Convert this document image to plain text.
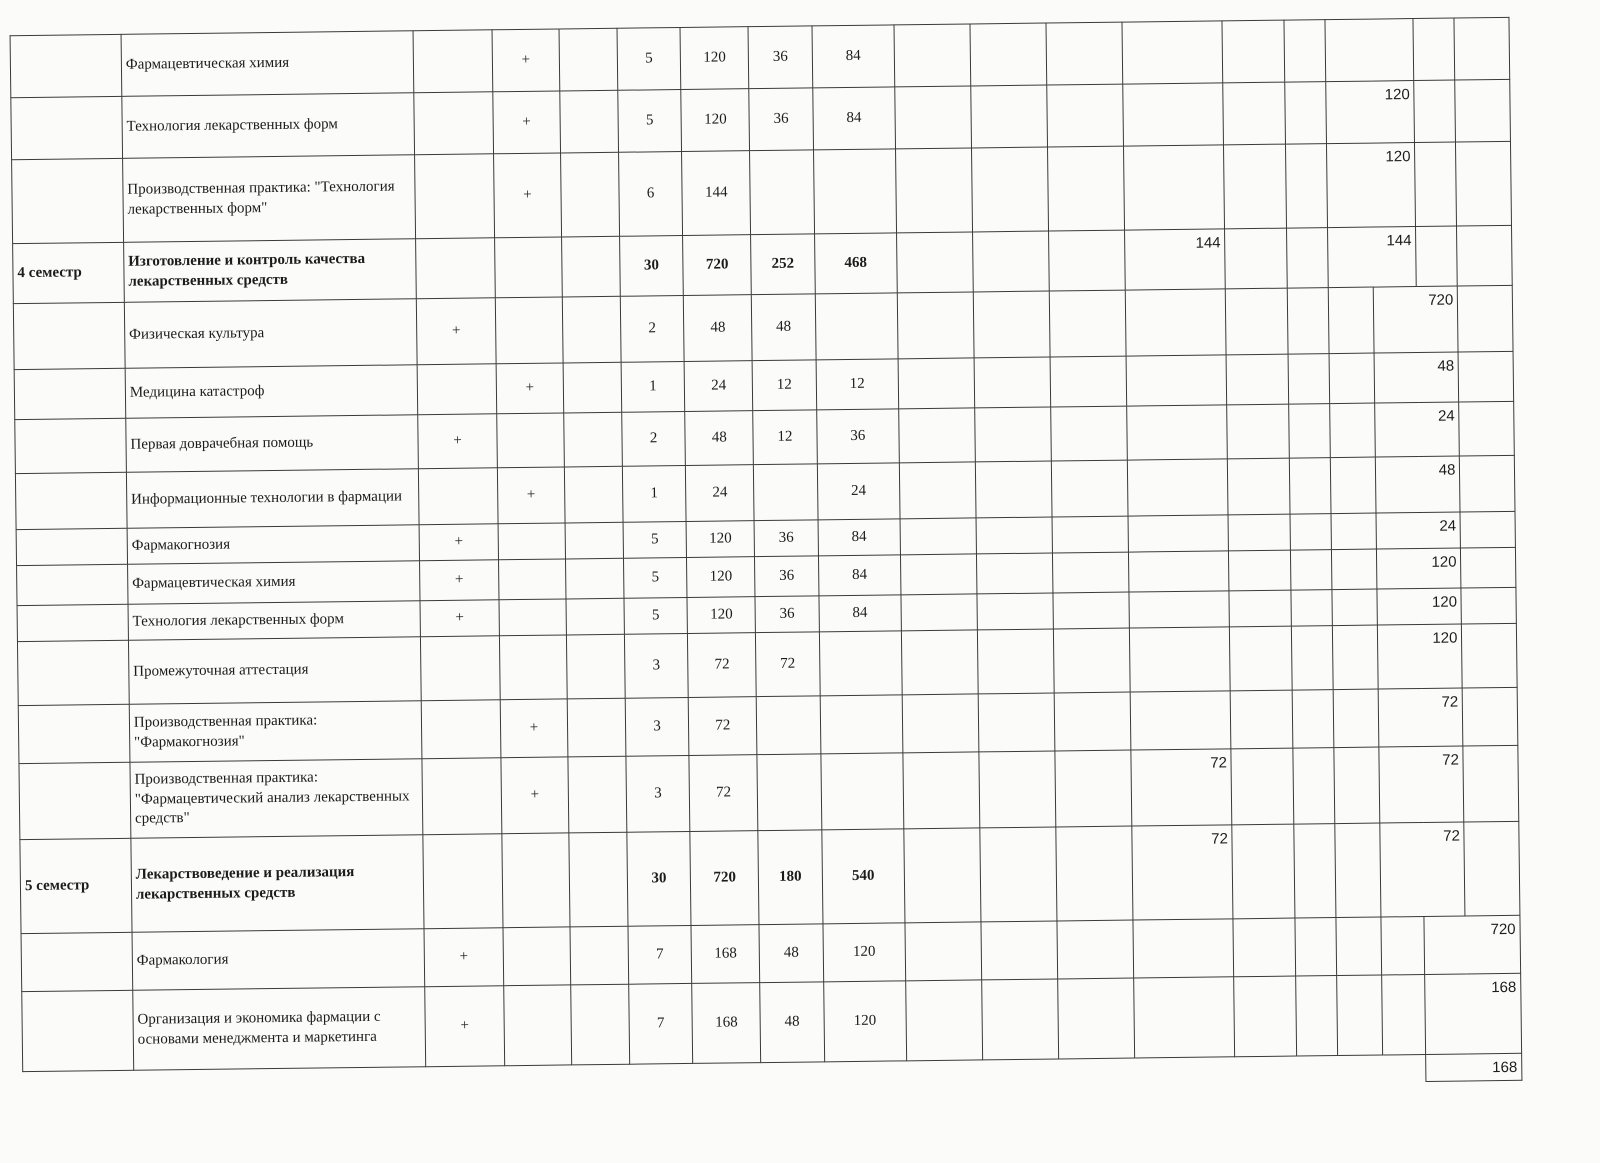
	Фармацевтическая химия		+		5	120	36	84										
	Технология лекарственных форм		+		5	120	36	84							120			
	Производственная практика: "Технология лекарственных форм"		+		6	144									120			
4 семестр	Изготовление и контроль качества лекарственных средств				30	720	252	468				144			144			
	Физическая культура	+			2	48	48									720		
	Медицина катастроф		+		1	24	12	12								48		
	Первая доврачебная помощь	+			2	48	12	36								24		
	Информационные технологии в фармации		+		1	24		24								48		
	Фармакогнозия	+			5	120	36	84								24		
	Фармацевтическая химия	+			5	120	36	84								120		
	Технология лекарственных форм	+			5	120	36	84								120		
	Промежуточная аттестация				3	72	72									120		
	Производственная практика: "Фармакогнозия"		+		3	72										72		
	Производственная практика: "Фармацевтический анализ лекарственных средств"		+		3	72						72				72		
5 семестр	Лекарствоведение и реализация лекарственных средств				30	720	180	540				72				72		
	Фармакология	+			7	168	48	120									720	
	Организация и экономика фармации с основами менеджмента и маркетинга	+			7	168	48	120									168	
																	168	
